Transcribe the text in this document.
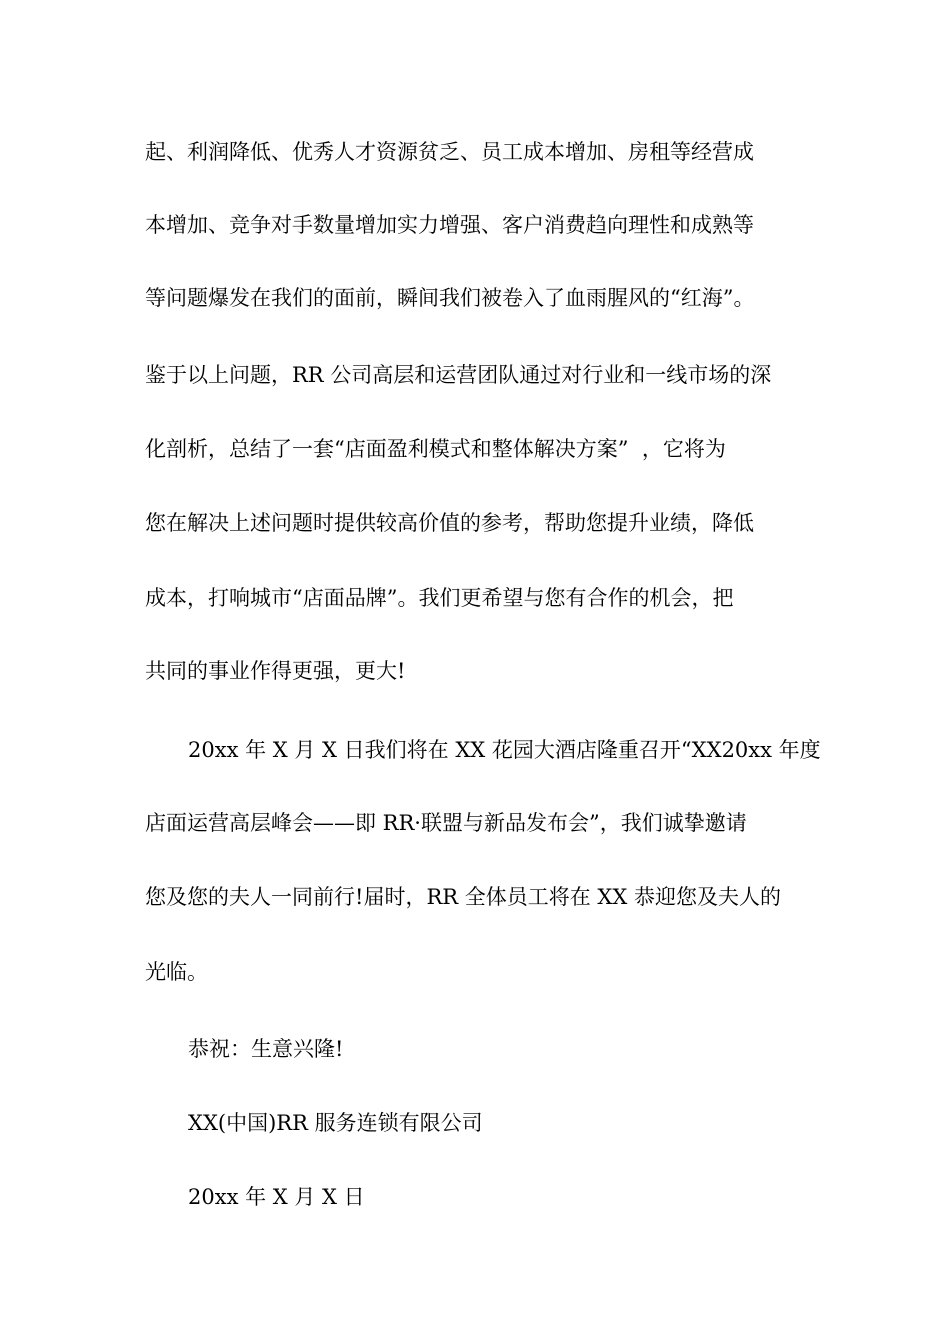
起、利润降低、优秀人才资源贫乏、员工成本增加、房租等经营成

本增加、竞争对手数量增加实力增强、客户消费趋向理性和成熟等

等问题爆发在我们的面前，瞬间我们被卷入了血雨腥风的“红海”。

鉴于以上问题，RR 公司高层和运营团队通过对行业和一线市场的深

化剖析，总结了一套“店面盈利模式和整体解决方案”  ，它将为

您在解决上述问题时提供较高价值的参考，帮助您提升业绩，降低

成本，打响城市“店面品牌”。我们更希望与您有合作的机会，把

共同的事业作得更强，更大!

20xx 年 X 月 X 日我们将在 XX 花园大酒店隆重召开“XX20xx 年度

店面运营高层峰会——即 RR·联盟与新品发布会”，我们诚挚邀请

您及您的夫人一同前行!届时，RR 全体员工将在 XX 恭迎您及夫人的

光临。

恭祝：生意兴隆!

XX(中国)RR 服务连锁有限公司

20xx 年 X 月 X 日
